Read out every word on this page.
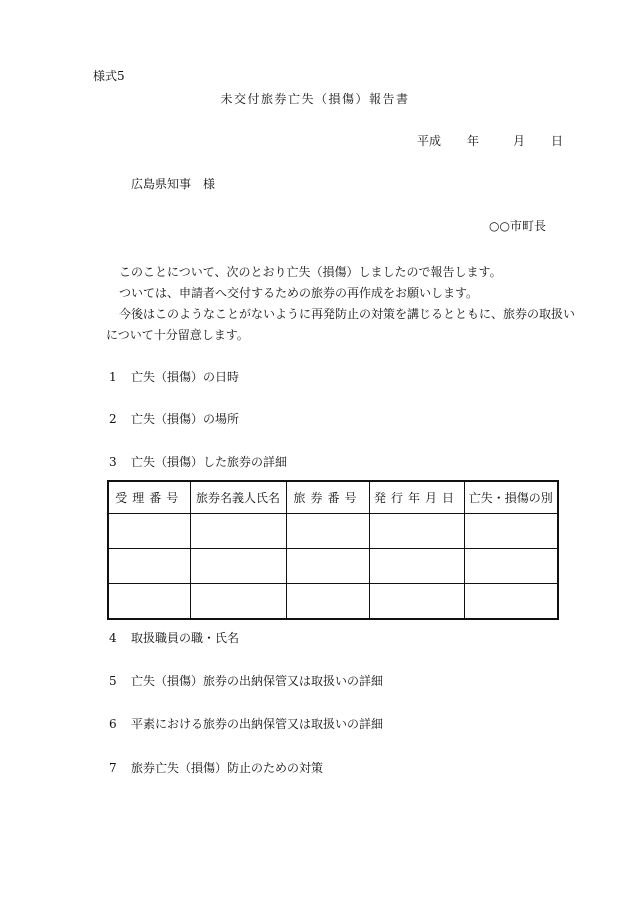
様式5
未交付旅券亡失（損傷）報告書
平成 年	月 日
広島県知事　様
○○市町長
このことについて、次のとおり亡失（損傷）しましたので報告します。
ついては、申請者へ交付するための旅券の再作成をお願いします。
今後はこのようなことがないように再発防止の対策を講じるとともに、旅券の取扱い
について十分留意します。
1 亡失（損傷）の日時
2 亡失（損傷）の場所
3 亡失（損傷）した旅券の詳細
受理番号	旅券名義人氏名	旅券番号	発行年月日	亡失・損傷の別

4 取扱職員の職・氏名
5 亡失（損傷）旅券の出納保管又は取扱いの詳細
6 平素における旅券の出納保管又は取扱いの詳細
7 旅券亡失（損傷）防止のための対策
